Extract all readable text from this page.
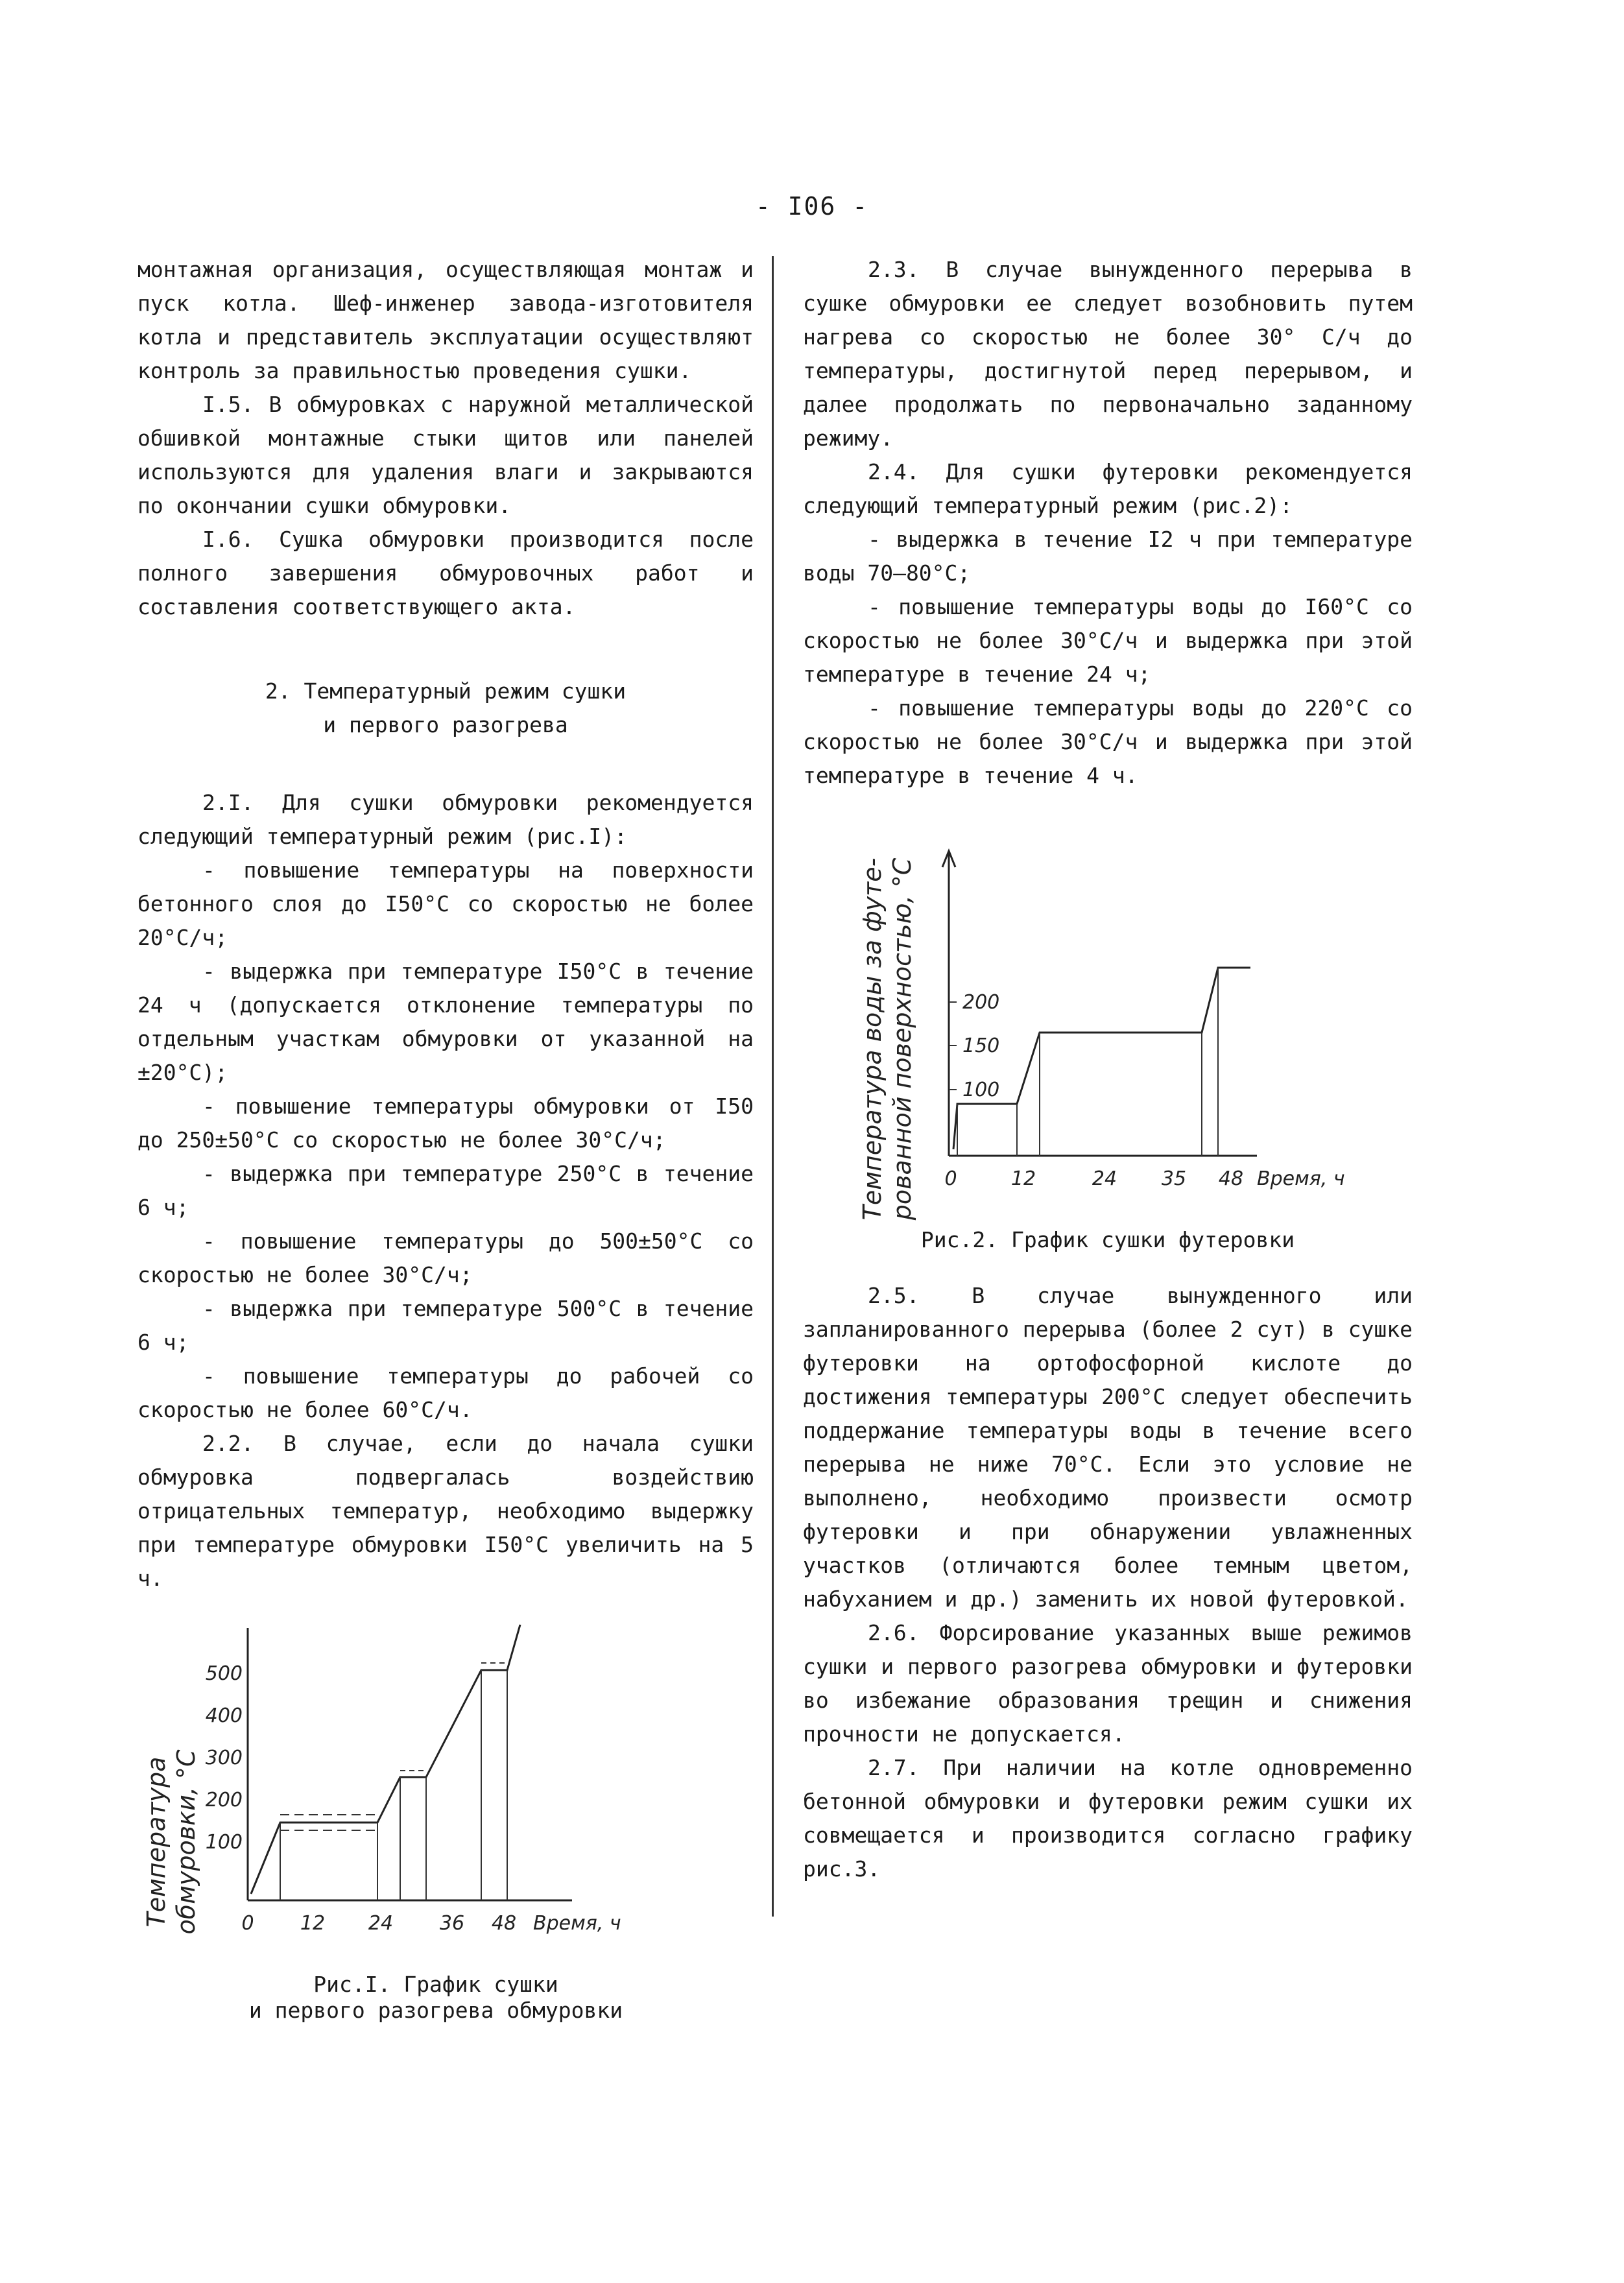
- I06 -

монтажная организация, осуществляющая монтаж и пуск котла. Шеф-инженер завода-изготовителя котла и представитель эксплуатации осуществляют контроль за правильностью проведения сушки.

I.5. В обмуровках с наружной металлической обшивкой монтажные стыки щитов или панелей используются для удаления влаги и закрываются по окончании сушки обмуровки.

I.6. Сушка обмуровки производится после полного завершения обмуровочных работ и составления соответствующего акта.

2. Температурный режим сушки
и первого разогрева

2.I. Для сушки обмуровки рекомендуется следующий температурный режим (рис.I):

- повышение температуры на поверхности бетонного слоя до I50°С со скоростью не более 20°С/ч;

- выдержка при температуре I50°С в течение 24 ч (допускается отклонение температуры по отдельным участкам обмуровки от указанной на ±20°С);

- повышение температуры обмуровки от I50 до 250±50°С со скоростью не более 30°С/ч;

- выдержка при температуре 250°С в течение 6 ч;

- повышение температуры до 500±50°С со скоростью не более 30°С/ч;

- выдержка при температуре 500°С в течение 6 ч;

- повышение температуры до рабочей со скоростью не более 60°С/ч.

2.2. В случае, если до начала сушки обмуровка подвергалась воздействию отрицательных температур, необходимо выдержку при температуре обмуровки I50°С увеличить на 5 ч.

Температура обмуровки, °С 100
200
300
400
500
0 12 24 36 48 Время, ч
Рис.I. График сушки
и первого разогрева обмуровки

2.3. В случае вынужденного перерыва в сушке обмуровки ее следует возобновить путем нагрева со скоростью не более 30° С/ч до температуры, достигнутой перед перерывом, и далее продолжать по первоначально заданному режиму.

2.4. Для сушки футеровки рекомендуется следующий температурный режим (рис.2):

- выдержка в течение I2 ч при температуре воды 70–80°С;

- повышение температуры воды до I60°С со скоростью не более 30°С/ч и выдержка при этой температуре в течение 24 ч;

- повышение температуры воды до 220°С со скоростью не более 30°С/ч и выдержка при этой температуре в течение 4 ч.

Температура воды за футе- рованной поверхностью, °С 100
150
200
0	12	24 35 48 Время, ч
Рис.2. График сушки футеровки

2.5. В случае вынужденного или запланированного перерыва (более 2 сут) в сушке футеровки на ортофосфорной кислоте до достижения температуры 200°С следует обеспечить поддержание температуры воды в течение всего перерыва не ниже 70°С. Если это условие не выполнено, необходимо произвести осмотр футеровки и при обнаружении увлажненных участков (отличаются более темным цветом, набуханием и др.) заменить их новой футеровкой.

2.6. Форсирование указанных выше режимов сушки и первого разогрева обмуровки и футеровки во избежание образования трещин и снижения прочности не допускается.

2.7. При наличии на котле одновременно бетонной обмуровки и футеровки режим сушки их совмещается и производится согласно графику рис.3.
